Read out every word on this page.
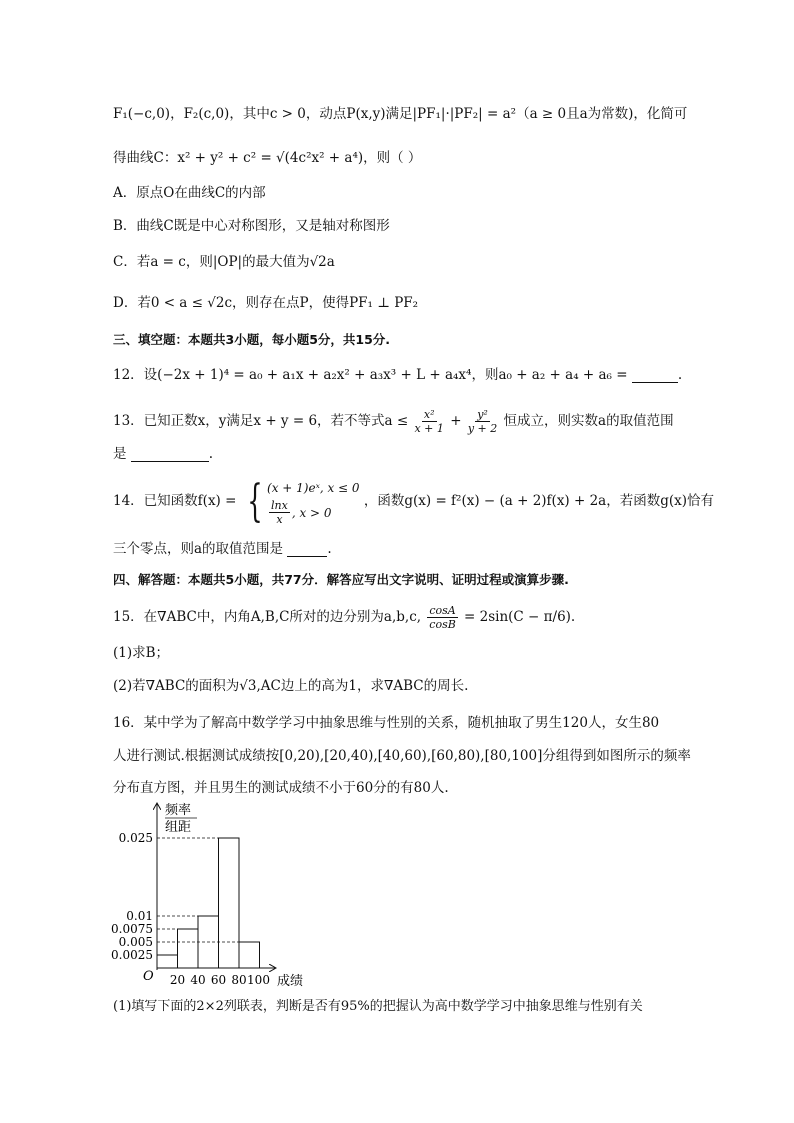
F₁(−c,0)，F₂(c,0)，其中c > 0，动点P(x,y)满足|PF₁|·|PF₂| = a²（a ≥ 0且a为常数)，化简可
得曲线C：x² + y² + c² = √(4c²x² + a⁴)，则（ ）
A．原点O在曲线C的内部
B．曲线C既是中心对称图形，又是轴对称图形
C．若a = c，则|OP|的最大值为√2a
D．若0 < a ≤ √2c，则存在点P，使得PF₁ ⊥ PF₂
三、填空题：本题共3小题，每小题5分，共15分.
12．设(−2x + 1)⁴ = a₀ + a₁x + a₂x² + a₃x³ + L + a₄x⁴，则a₀ + a₂ + a₄ + a₆ =	.
13．已知正数x，y满足x + y = 6，若不等式$a \le \frac{\text{x²}}{x + 1} + \frac{\text{y²}}{y + 2}$ 恒成立，则实数a的取值范围
是	.
14．已知函数f(x) = { (x + 1)eˣ, x ≤ 0
$\frac{\ln x}{x}$ , x > 0
，函数g(x) = f²(x) − (a + 2)f(x) + 2a，若函数g(x)恰有
三个零点，则a的取值范围是	.
四、解答题：本题共5小题，共77分．解答应写出文字说明、证明过程或演算步骤.
15．在∇ABC中，内角A,B,C所对的边分别为a,b,c, $\frac{\cos A}{\cos B} = 2\sin(C - \pi/6)$.
(1)求B；
(2)若∇ABC的面积为√3,AC边上的高为1，求∇ABC的周长.
16．某中学为了解高中数学学习中抽象思维与性别的关系，随机抽取了男生120人，女生80
人进行测试.根据测试成绩按[0,20),[20,40),[40,60),[60,80),[80,100]分组得到如图所示的频率
分布直方图，并且男生的测试成绩不小于60分的有80人.
频率
组距
O	成绩
0.025
0.01
0.0075
0.005
0.0025
20 40 60 80 100
(1)填写下面的2×2列联表，判断是否有95%的把握认为高中数学学习中抽象思维与性别有关
